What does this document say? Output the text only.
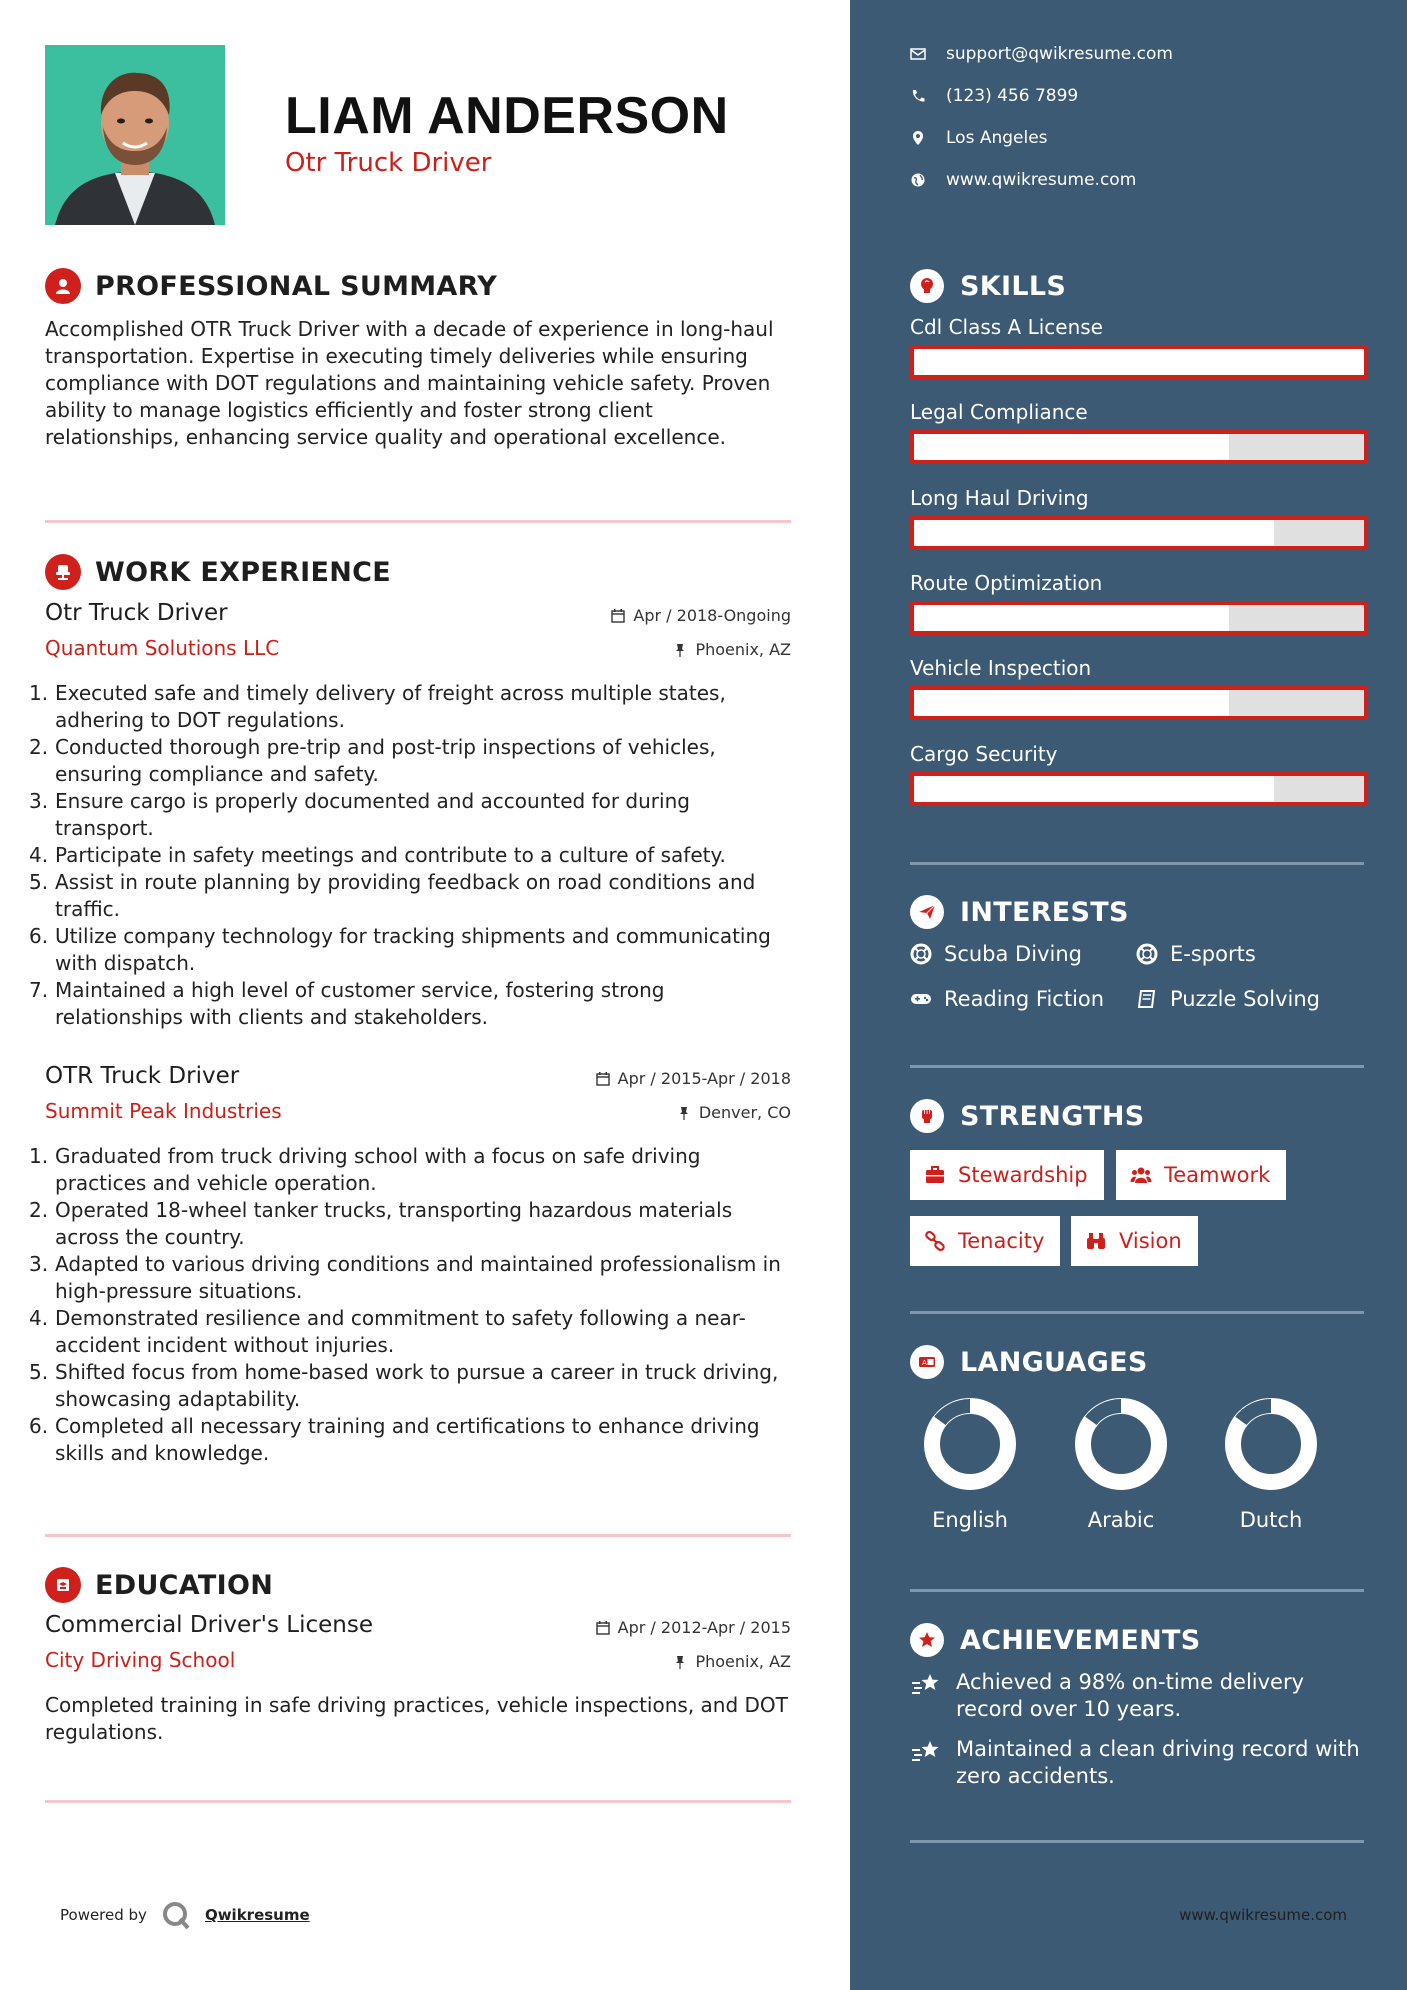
LIAM ANDERSON
Otr Truck Driver
PROFESSIONAL SUMMARY
Accomplished OTR Truck Driver with a decade of experience in long-haul transportation. Expertise in executing timely deliveries while ensuring compliance with DOT regulations and maintaining vehicle safety. Proven ability to manage logistics efficiently and foster strong client relationships, enhancing service quality and operational excellence.
WORK EXPERIENCE
Otr Truck Driver	Apr / 2018-Ongoing
Quantum Solutions LLC	Phoenix, AZ
1. Executed safe and timely delivery of freight across multiple states, adhering to DOT regulations.
2. Conducted thorough pre-trip and post-trip inspections of vehicles, ensuring compliance and safety.
3. Ensure cargo is properly documented and accounted for during transport.
4. Participate in safety meetings and contribute to a culture of safety.
5. Assist in route planning by providing feedback on road conditions and traffic.
6. Utilize company technology for tracking shipments and communicating with dispatch.
7. Maintained a high level of customer service, fostering strong relationships with clients and stakeholders.
OTR Truck Driver	Apr / 2015-Apr / 2018
Summit Peak Industries	Denver, CO
1. Graduated from truck driving school with a focus on safe driving practices and vehicle operation.
2. Operated 18-wheel tanker trucks, transporting hazardous materials across the country.
3. Adapted to various driving conditions and maintained professionalism in high-pressure situations.
4. Demonstrated resilience and commitment to safety following a near-accident incident without injuries.
5. Shifted focus from home-based work to pursue a career in truck driving, showcasing adaptability.
6. Completed all necessary training and certifications to enhance driving skills and knowledge.
EDUCATION
Commercial Driver's License	Apr / 2012-Apr / 2015
City Driving School	Phoenix, AZ
Completed training in safe driving practices, vehicle inspections, and DOT regulations.
Powered by	Qwikresume
support@qwikresume.com
(123) 456 7899
Los Angeles
www.qwikresume.com
SKILLS
Cdl Class A License
Legal Compliance
Long Haul Driving
Route Optimization
Vehicle Inspection
Cargo Security
INTERESTS
Scuba Diving	E-sports
Reading Fiction	Puzzle Solving
STRENGTHS
Stewardship	Teamwork
Tenacity	Vision
A LANGUAGES
English	Arabic	Dutch
ACHIEVEMENTS
Achieved a 98% on-time delivery record over 10 years.
Maintained a clean driving record with zero accidents.
www.qwikresume.com
